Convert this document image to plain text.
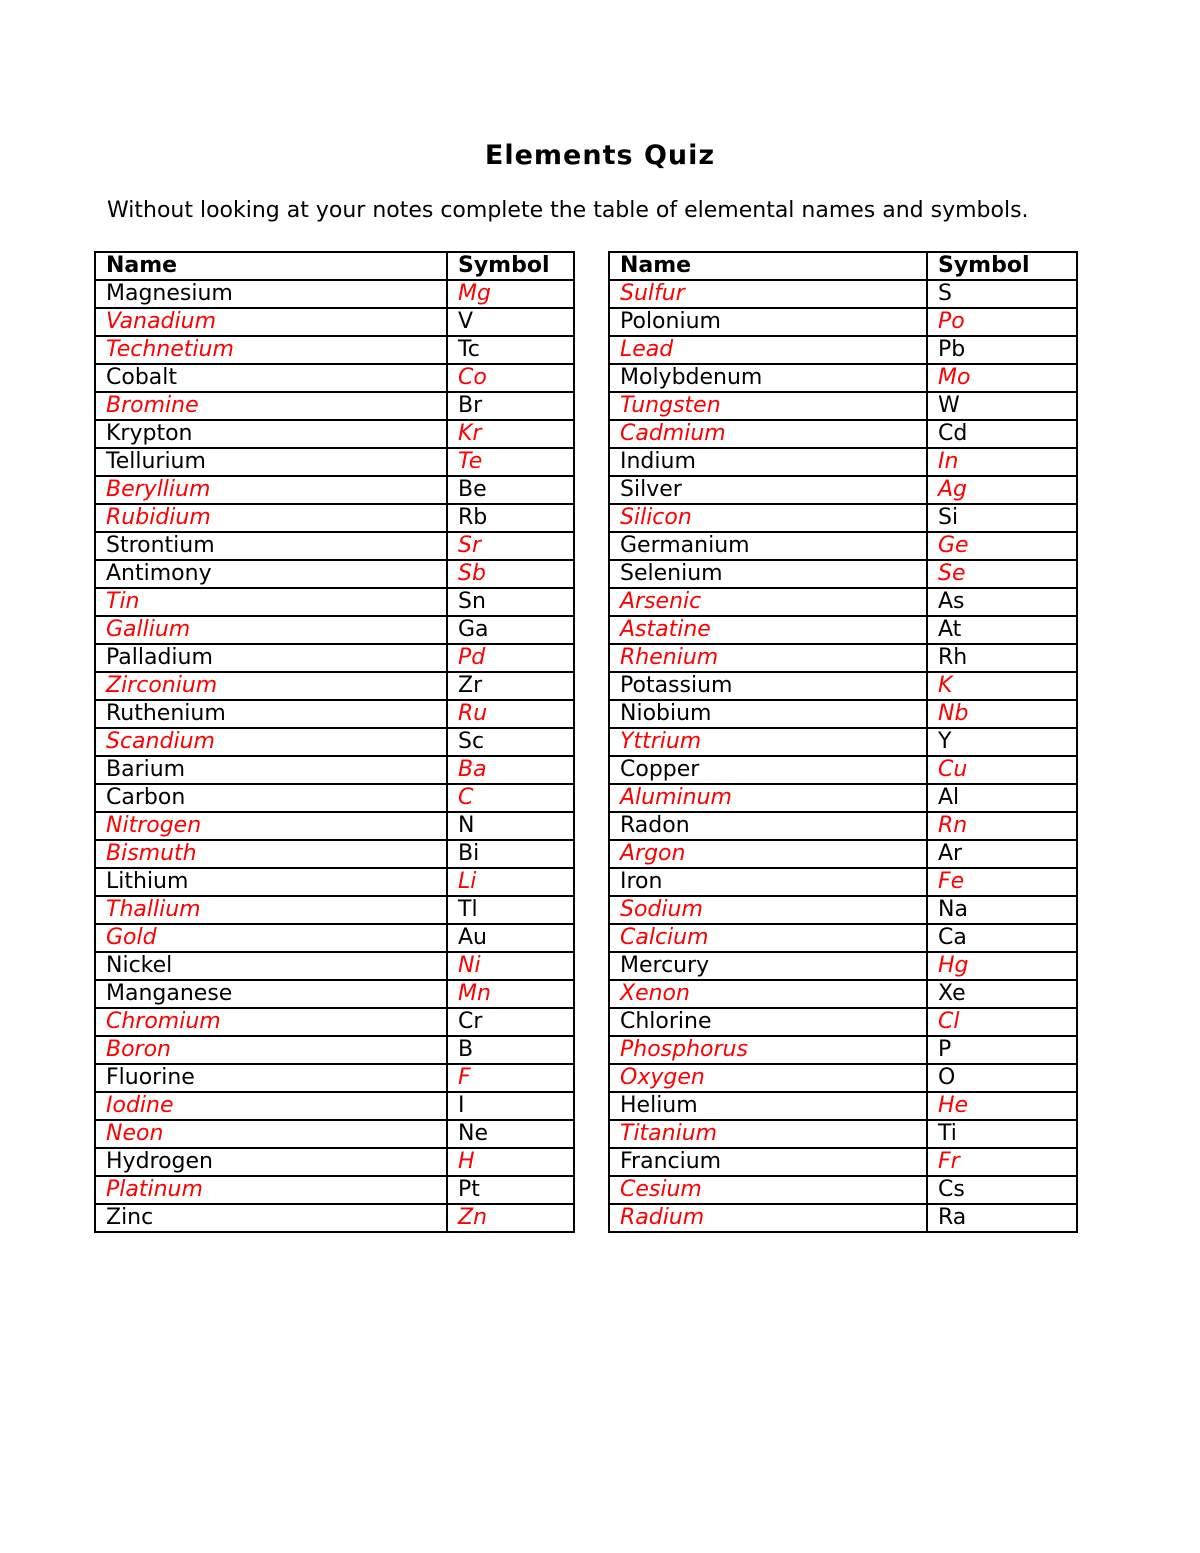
Elements Quiz
Without looking at your notes complete the table of elemental names and symbols.
Name	Symbol		Name	Symbol
Magnesium	Mg		Sulfur	S
Vanadium	V		Polonium	Po
Technetium	Tc		Lead	Pb
Cobalt	Co		Molybdenum	Mo
Bromine	Br		Tungsten	W
Krypton	Kr		Cadmium	Cd
Tellurium	Te		Indium	In
Beryllium	Be		Silver	Ag
Rubidium	Rb		Silicon	Si
Strontium	Sr		Germanium	Ge
Antimony	Sb		Selenium	Se
Tin	Sn		Arsenic	As
Gallium	Ga		Astatine	At
Palladium	Pd		Rhenium	Rh
Zirconium	Zr		Potassium	K
Ruthenium	Ru		Niobium	Nb
Scandium	Sc		Yttrium	Y
Barium	Ba		Copper	Cu
Carbon	C		Aluminum	Al
Nitrogen	N		Radon	Rn
Bismuth	Bi		Argon	Ar
Lithium	Li		Iron	Fe
Thallium	Tl		Sodium	Na
Gold	Au		Calcium	Ca
Nickel	Ni		Mercury	Hg
Manganese	Mn		Xenon	Xe
Chromium	Cr		Chlorine	Cl
Boron	B		Phosphorus	P
Fluorine	F		Oxygen	O
Iodine	I		Helium	He
Neon	Ne		Titanium	Ti
Hydrogen	H		Francium	Fr
Platinum	Pt		Cesium	Cs
Zinc	Zn		Radium	Ra
